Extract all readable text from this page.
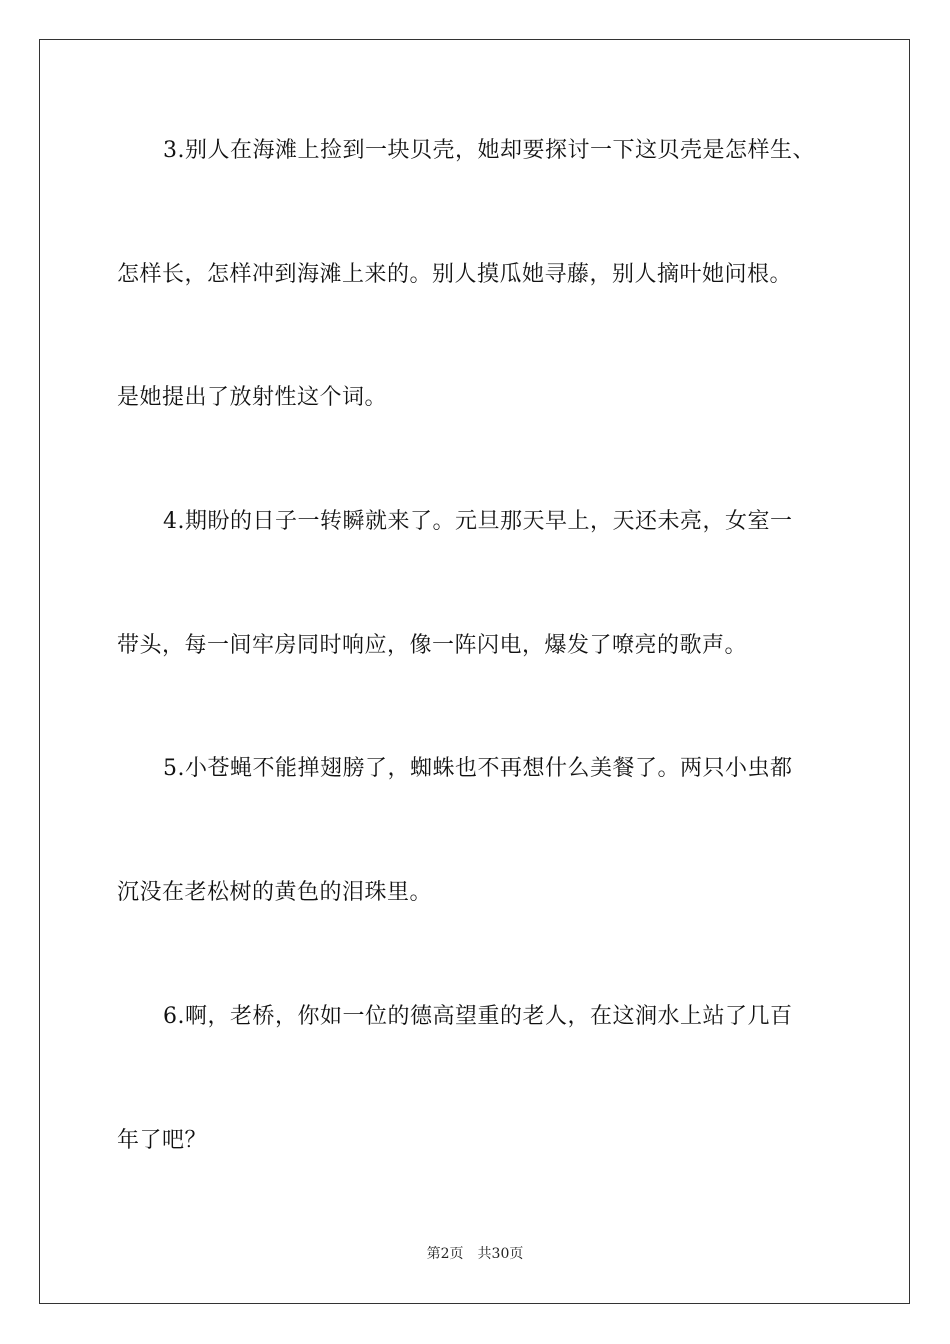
3.别人在海滩上捡到一块贝壳，她却要探讨一下这贝壳是怎样生、
怎样长，怎样冲到海滩上来的。别人摸瓜她寻藤，别人摘叶她问根。
是她提出了放射性这个词。
4.期盼的日子一转瞬就来了。元旦那天早上，天还未亮，女室一
带头，每一间牢房同时响应，像一阵闪电，爆发了嘹亮的歌声。
5.小苍蝇不能掸翅膀了，蜘蛛也不再想什么美餐了。两只小虫都
沉没在老松树的黄色的泪珠里。
6.啊，老桥，你如一位的德高望重的老人，在这涧水上站了几百
年了吧？
第2页 共30页
